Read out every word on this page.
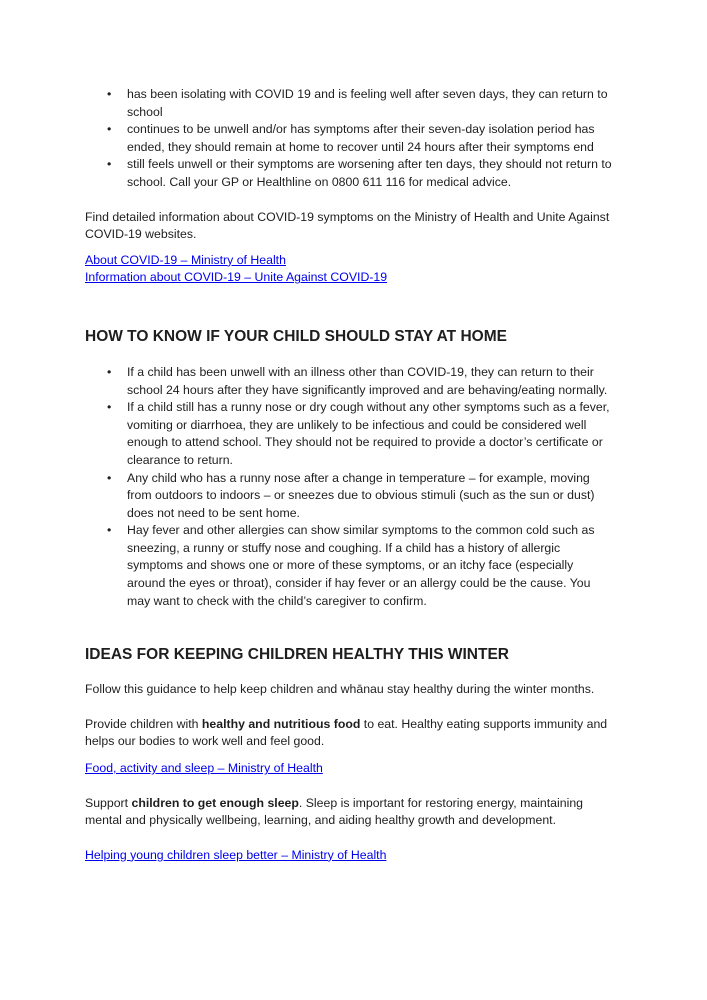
• has been isolating with COVID 19 and is feeling well after seven days, they can return to school
• continues to be unwell and/or has symptoms after their seven-day isolation period has ended, they should remain at home to recover until 24 hours after their symptoms end
• still feels unwell or their symptoms are worsening after ten days, they should not return to school. Call your GP or Healthline on 0800 611 116 for medical advice.

Find detailed information about COVID-19 symptoms on the Ministry of Health and Unite Against COVID-19 websites.

About COVID-19 – Ministry of Health
Information about COVID-19 – Unite Against COVID-19
HOW TO KNOW IF YOUR CHILD SHOULD STAY AT HOME
• If a child has been unwell with an illness other than COVID-19, they can return to their school 24 hours after they have significantly improved and are behaving/eating normally.
• If a child still has a runny nose or dry cough without any other symptoms such as a fever, vomiting or diarrhoea, they are unlikely to be infectious and could be considered well enough to attend school. They should not be required to provide a doctor’s certificate or clearance to return.
• Any child who has a runny nose after a change in temperature – for example, moving from outdoors to indoors – or sneezes due to obvious stimuli (such as the sun or dust) does not need to be sent home.
• Hay fever and other allergies can show similar symptoms to the common cold such as sneezing, a runny or stuffy nose and coughing. If a child has a history of allergic symptoms and shows one or more of these symptoms, or an itchy face (especially around the eyes or throat), consider if hay fever or an allergy could be the cause. You may want to check with the child’s caregiver to confirm.
IDEAS FOR KEEPING CHILDREN HEALTHY THIS WINTER

Follow this guidance to help keep children and whānau stay healthy during the winter months.

Provide children with healthy and nutritious food to eat. Healthy eating supports immunity and helps our bodies to work well and feel good.

Food, activity and sleep – Ministry of Health

Support children to get enough sleep. Sleep is important for restoring energy, maintaining mental and physically wellbeing, learning, and aiding healthy growth and development.

Helping young children sleep better – Ministry of Health
